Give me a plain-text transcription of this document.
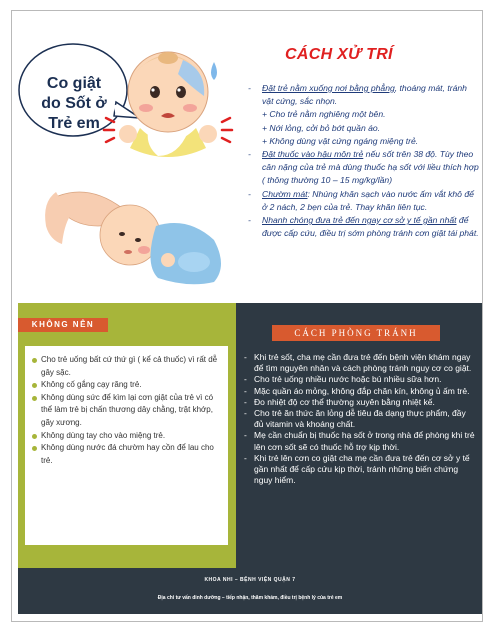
Co giật
do Sốt ở
Trẻ em
CÁCH XỬ TRÍ
- Đặt trẻ nằm xuống nơi bằng phẳng, thoáng mát, tránh vật cứng, sắc nhọn.
+ Cho trẻ nằm nghiêng một bên.
+ Nới lỏng, cởi bỏ bớt quần áo.
+ Không dùng vật cứng ngáng miệng trẻ.
- Đặt thuốc vào hậu môn trẻ nếu sốt trên 38 độ. Tùy theo cân nặng của trẻ mà dùng thuốc hạ sốt với liều thích hợp ( thông thường 10 – 15 mg/kg/lần)
- Chườm mát: Nhúng khăn sạch vào nước ấm vắt khô để ở 2 nách, 2 bẹn của trẻ. Thay khăn liên tục.
- Nhanh chóng đưa trẻ đến ngay cơ sở y tế gần nhất để được cấp cứu, điều trị sớm phòng tránh cơn giật tái phát.
KHÔNG NÊN
Cho trẻ uống bất cứ thứ gì ( kể cả thuốc) vì rất dễ gây sặc.
Không cố gắng cạy răng trẻ.
Không dùng sức để kìm lại cơn giật của trẻ vì có thể làm trẻ bị chấn thương dây chằng, trật khớp, gãy xương.
Không dùng tay cho vào miệng trẻ.
Không dùng nước đá chườm hay cồn để lau cho trẻ.
CÁCH PHÒNG TRÁNH
- Khi trẻ sốt, cha mẹ cần đưa trẻ đến bệnh viện khám ngay để tìm nguyên nhân và cách phòng tránh nguy cơ co giật.
- Cho trẻ uống nhiều nước hoặc bú nhiều sữa hơn.
- Mặc quần áo mỏng, không đắp chăn kín, không ủ ấm trẻ.
- Đo nhiệt độ cơ thể thường xuyên bằng nhiệt kế.
- Cho trẻ ăn thức ăn lỏng dễ tiêu đa dạng thực phẩm, đầy đủ vitamin và khoáng chất.
- Mẹ cần chuẩn bị thuốc hạ sốt ở trong nhà để phòng khi trẻ lên cơn sốt sẽ có thuốc hỗ trợ kịp thời.
- Khi trẻ lên cơn co giật cha mẹ cần đưa trẻ đến cơ sở y tế gần nhất để cấp cứu kịp thời, tránh những biến chứng nguy hiểm.
KHOA NHI – BỆNH VIỆN QUẬN 7
Địa chỉ tư vấn dinh dưỡng – tiếp nhận, thăm khám, điều trị bệnh lý của trẻ em
